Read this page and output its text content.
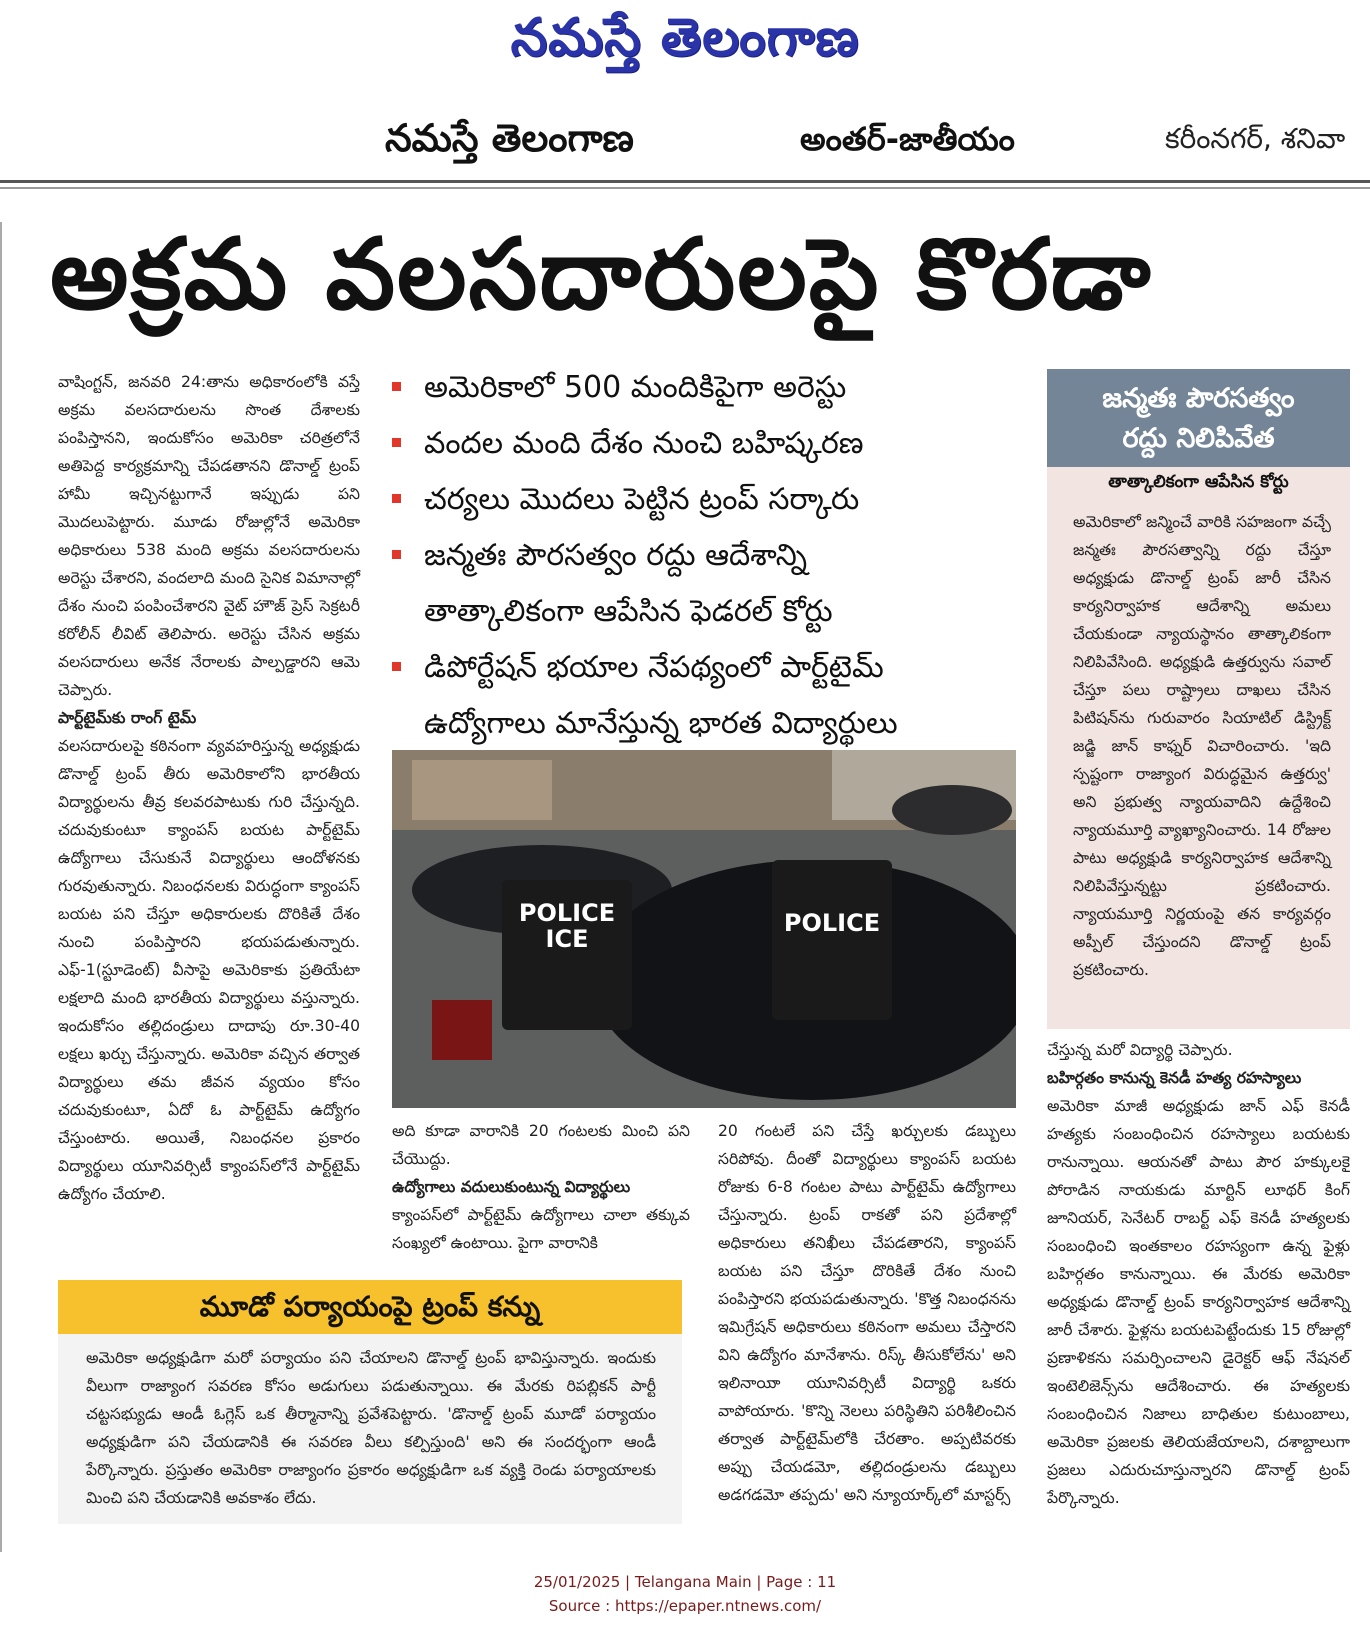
నమస్తే తెలంగాణ
నమస్తే తెలంగాణ	అంతర్-జాతీయం	కరీంనగర్, శనివా
అక్రమ వలసదారులపై కొరడా
వాషింగ్టన్, జనవరి 24:తాను అధికారంలోకి వస్తే అక్రమ వలసదారులను సొంత దేశాలకు పంపిస్తానని, ఇందుకోసం అమెరికా చరిత్రలోనే అతిపెద్ద కార్యక్రమాన్ని చేపడతానని డొనాల్డ్ ట్రంప్ హామీ ఇచ్చినట్టుగానే ఇప్పుడు పని మొదలుపెట్టారు. మూడు రోజుల్లోనే అమెరికా అధికారులు 538 మంది అక్రమ వలసదారులను అరెస్టు చేశారని, వందలాది మంది సైనిక విమానాల్లో దేశం నుంచి పంపించేశారని వైట్ హౌజ్ ప్రెస్ సెక్రటరీ కరోలీన్ లీవిట్ తెలిపారు. అరెస్టు చేసిన అక్రమ వలసదారులు అనేక నేరాలకు పాల్పడ్డారని ఆమె చెప్పారు.
పార్ట్‌టైమ్‌కు రాంగ్ టైమ్
వలసదారులపై కఠినంగా వ్యవహరిస్తున్న అధ్యక్షుడు డొనాల్డ్ ట్రంప్ తీరు అమెరికాలోని భారతీయ విద్యార్థులను తీవ్ర కలవరపాటుకు గురి చేస్తున్నది. చదువుకుంటూ క్యాంపస్ బయట పార్ట్‌టైమ్ ఉద్యోగాలు చేసుకునే విద్యార్థులు ఆందోళనకు గురవుతున్నారు. నిబంధనలకు విరుద్ధంగా క్యాంపస్ బయట పని చేస్తూ అధికారులకు దొరికితే దేశం నుంచి పంపిస్తారని భయపడుతున్నారు. ఎఫ్-1(స్టూడెంట్) వీసాపై అమెరికాకు ప్రతియేటా లక్షలాది మంది భారతీయ విద్యార్థులు వస్తున్నారు. ఇందుకోసం తల్లిదండ్రులు దాదాపు రూ.30-40 లక్షలు ఖర్చు చేస్తున్నారు. అమెరికా వచ్చిన తర్వాత విద్యార్థులు తమ జీవన వ్యయం కోసం చదువుకుంటూ, ఏదో ఓ పార్ట్‌టైమ్ ఉద్యోగం చేస్తుంటారు. అయితే, నిబంధనల ప్రకారం విద్యార్థులు యూనివర్సిటీ క్యాంపస్‌లోనే పార్ట్‌టైమ్ ఉద్యోగం చేయాలి.
అమెరికాలో 500 మందికిపైగా అరెస్టు
వందల మంది దేశం నుంచి బహిష్కరణ
చర్యలు మొదలు పెట్టిన ట్రంప్ సర్కారు
జన్మతః పౌరసత్వం రద్దు ఆదేశాన్ని
తాత్కాలికంగా ఆపేసిన ఫెడరల్ కోర్టు
డిపోర్టేషన్ భయాల నేపథ్యంలో పార్ట్‌టైమ్
ఉద్యోగాలు మానేస్తున్న భారత విద్యార్థులు
POLICE ICE
POLICE
అది కూడా వారానికి 20 గంటలకు మించి పని చేయొద్దు.
ఉద్యోగాలు వదులుకుంటున్న విద్యార్థులు
క్యాంపస్‌లో పార్ట్‌టైమ్ ఉద్యోగాలు చాలా తక్కువ సంఖ్యలో ఉంటాయి. పైగా వారానికి
20 గంటలే పని చేస్తే ఖర్చులకు డబ్బులు సరిపోవు. దీంతో విద్యార్థులు క్యాంపస్ బయట రోజుకు 6-8 గంటల పాటు పార్ట్‌టైమ్ ఉద్యోగాలు చేస్తున్నారు. ట్రంప్ రాకతో పని ప్రదేశాల్లో అధికారులు తనిఖీలు చేపడతారని, క్యాంపస్ బయట పని చేస్తూ దొరికితే దేశం నుంచి పంపిస్తారని భయపడుతున్నారు. 'కొత్త నిబంధనను ఇమిగ్రేషన్ అధికారులు కఠినంగా అమలు చేస్తారని విని ఉద్యోగం మానేశాను. రిస్క్ తీసుకోలేను' అని ఇలినాయిా యూనివర్సిటీ విద్యార్థి ఒకరు వాపోయారు. 'కొన్ని నెలలు పరిస్థితిని పరిశీలించిన తర్వాత పార్ట్‌టైమ్‌లోకి చేరతాం. అప్పటివరకు అప్పు చేయడమో, తల్లిదండ్రులను డబ్బులు అడగడమో తప్పదు' అని న్యూయార్క్‌లో మాస్టర్స్
జన్మతః పౌరసత్వం
రద్దు నిలిపివేత
తాత్కాలికంగా ఆపేసిన కోర్టు
అమెరికాలో జన్మించే వారికి సహజంగా వచ్చే జన్మతః పౌరసత్వాన్ని రద్దు చేస్తూ అధ్యక్షుడు డొనాల్డ్ ట్రంప్ జారీ చేసిన కార్యనిర్వాహక ఆదేశాన్ని అమలు చేయకుండా న్యాయస్థానం తాత్కాలికంగా నిలిపివేసింది. అధ్యక్షుడి ఉత్తర్వును సవాల్ చేస్తూ పలు రాష్ట్రాలు దాఖలు చేసిన పిటిషన్‌ను గురువారం సియాటిల్ డిస్ట్రిక్ట్ జడ్జి జాన్ కాఫ్నర్ విచారించారు. 'ఇది స్పష్టంగా రాజ్యాంగ విరుద్ధమైన ఉత్తర్వు' అని ప్రభుత్వ న్యాయవాదిని ఉద్దేశించి న్యాయమూర్తి వ్యాఖ్యానించారు. 14 రోజుల పాటు అధ్యక్షుడి కార్యనిర్వాహక ఆదేశాన్ని నిలిపివేస్తున్నట్టు ప్రకటించారు. న్యాయమూర్తి నిర్ణయంపై తన కార్యవర్గం అప్పీల్ చేస్తుందని డొనాల్డ్ ట్రంప్ ప్రకటించారు.
చేస్తున్న మరో విద్యార్థి చెప్పారు.
బహిర్గతం కానున్న కెనడీ హత్య రహస్యాలు
అమెరికా మాజీ అధ్యక్షుడు జాన్ ఎఫ్ కెనడీ హత్యకు సంబంధించిన రహస్యాలు బయటకు రానున్నాయి. ఆయనతో పాటు పౌర హక్కులకై పోరాడిన నాయకుడు మార్టిన్ లూథర్ కింగ్ జూనియర్, సెనేటర్ రాబర్ట్ ఎఫ్ కెనడీ హత్యలకు సంబంధించి ఇంతకాలం రహస్యంగా ఉన్న ఫైళ్లు బహిర్గతం కానున్నాయి. ఈ మేరకు అమెరికా అధ్యక్షుడు డొనాల్డ్ ట్రంప్ కార్యనిర్వాహక ఆదేశాన్ని జారీ చేశారు. ఫైళ్లను బయటపెట్టేందుకు 15 రోజుల్లో ప్రణాళికను సమర్పించాలని డైరెక్టర్ ఆఫ్ నేషనల్ ఇంటెలిజెన్స్‌ను ఆదేశించారు. ఈ హత్యలకు సంబంధించిన నిజాలు బాధితుల కుటుంబాలు, అమెరికా ప్రజలకు తెలియజేయాలని, దశాబ్దాలుగా ప్రజలు ఎదురుచూస్తున్నారని డొనాల్డ్ ట్రంప్ పేర్కొన్నారు.
మూడో పర్యాయంపై ట్రంప్ కన్ను
అమెరికా అధ్యక్షుడిగా మరో పర్యాయం పని చేయాలని డొనాల్డ్ ట్రంప్ భావిస్తున్నారు. ఇందుకు వీలుగా రాజ్యాంగ సవరణ కోసం అడుగులు పడుతున్నాయి. ఈ మేరకు రిపబ్లికన్ పార్టీ చట్టసభ్యుడు ఆండీ ఓగ్లెస్ ఒక తీర్మానాన్ని ప్రవేశపెట్టారు. 'డొనాల్డ్ ట్రంప్ మూడో పర్యాయం అధ్యక్షుడిగా పని చేయడానికి ఈ సవరణ వీలు కల్పిస్తుంది' అని ఈ సందర్భంగా ఆండీ పేర్కొన్నారు. ప్రస్తుతం అమెరికా రాజ్యాంగం ప్రకారం అధ్యక్షుడిగా ఒక వ్యక్తి రెండు పర్యాయాలకు మించి పని చేయడానికి అవకాశం లేదు.
25/01/2025 | Telangana Main | Page : 11
Source : https://epaper.ntnews.com/
